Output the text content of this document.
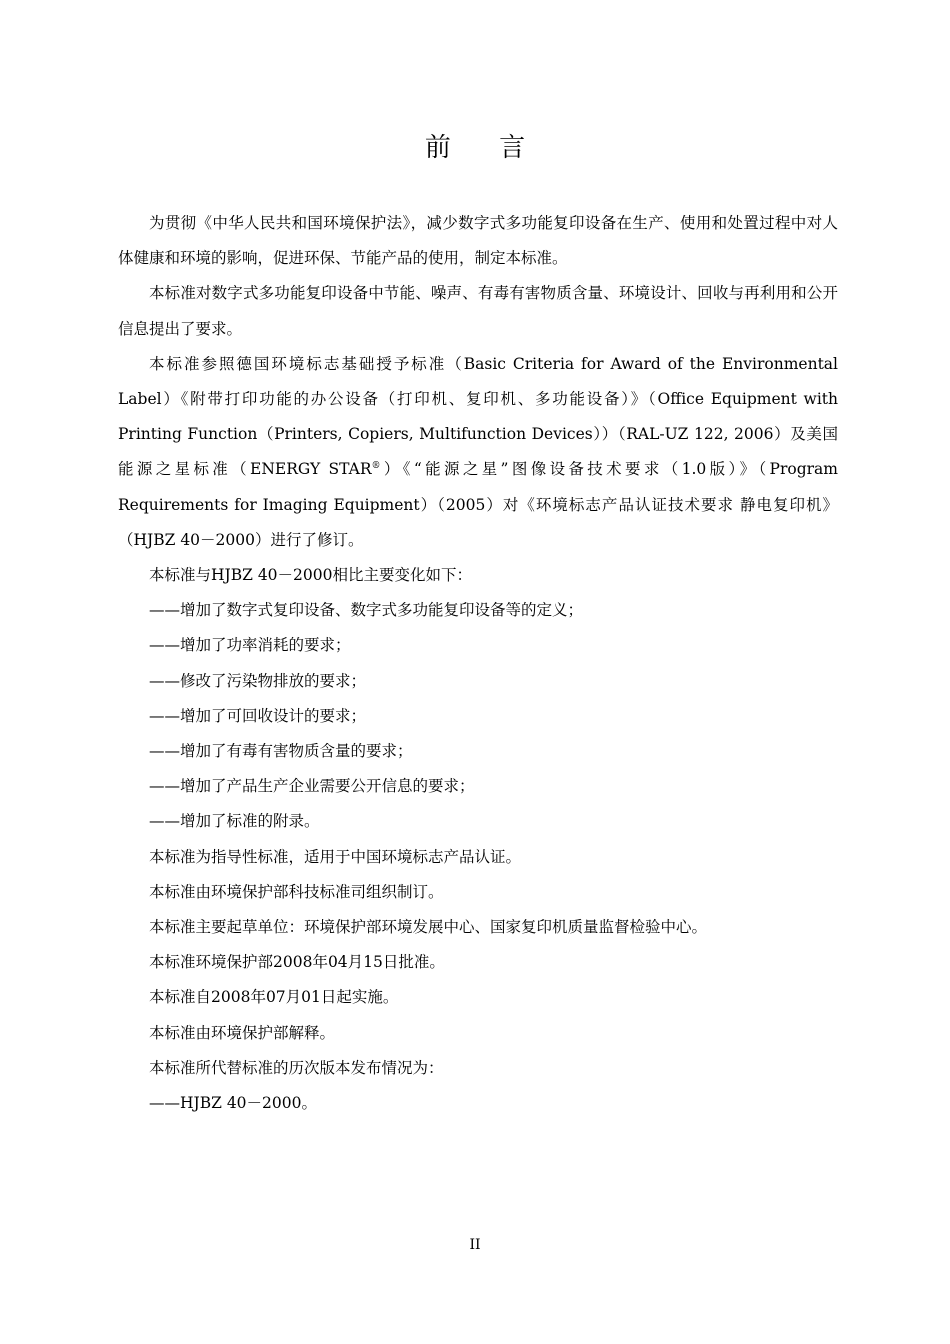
前 言

为贯彻《中华人民共和国环境保护法》，减少数字式多功能复印设备在生产、使用和处置过程中对人体健康和环境的影响，促进环保、节能产品的使用，制定本标准。

本标准对数字式多功能复印设备中节能、噪声、有毒有害物质含量、环境设计、回收与再利用和公开信息提出了要求。

本标准参照德国环境标志基础授予标准（Basic Criteria for Award of the Environmental Label）《附带打印功能的办公设备（打印机、复印机、多功能设备）》（Office Equipment with Printing Function（Printers, Copiers, Multifunction Devices））（RAL-UZ 122, 2006）及美国能源之星标准（ENERGY STAR®）《“能源之星”图像设备技术要求（1.0版）》（Program Requirements for Imaging Equipment）（2005）对《环境标志产品认证技术要求 静电复印机》（HJBZ 40－2000）进行了修订。

本标准与HJBZ 40－2000相比主要变化如下：

——增加了数字式复印设备、数字式多功能复印设备等的定义；

——增加了功率消耗的要求；

——修改了污染物排放的要求；

——增加了可回收设计的要求；

——增加了有毒有害物质含量的要求；

——增加了产品生产企业需要公开信息的要求；

——增加了标准的附录。

本标准为指导性标准，适用于中国环境标志产品认证。

本标准由环境保护部科技标准司组织制订。

本标准主要起草单位：环境保护部环境发展中心、国家复印机质量监督检验中心。

本标准环境保护部2008年04月15日批准。

本标准自2008年07月01日起实施。

本标准由环境保护部解释。

本标准所代替标准的历次版本发布情况为：

——HJBZ 40－2000。

II
